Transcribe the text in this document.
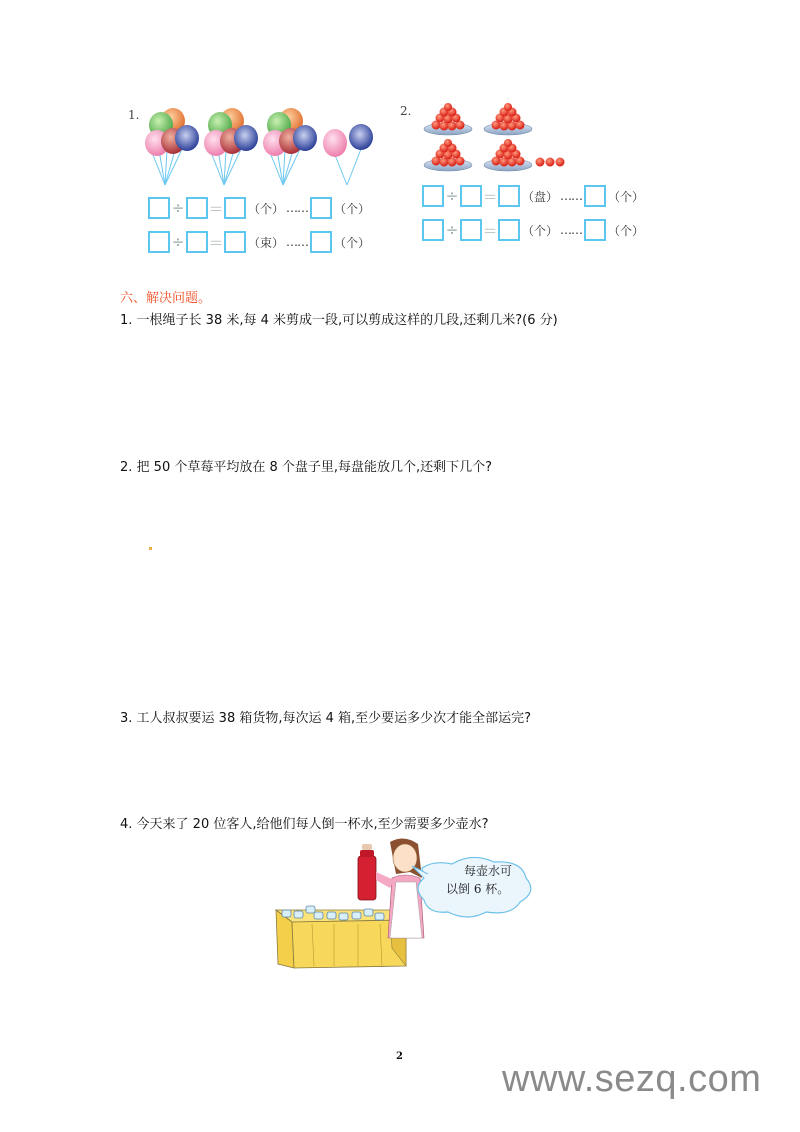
1.
÷ ＝ （个） …… （个）
÷ ＝ （束） …… （个）
2.
÷ ＝ （盘） …… （个）
÷ ＝ （个） …… （个）
六、解决问题。
1. 一根绳子长 38 米,每 4 米剪成一段,可以剪成这样的几段,还剩几米?(6 分)
2. 把 50 个草莓平均放在 8 个盘子里,每盘能放几个,还剩下几个?
3. 工人叔叔要运 38 箱货物,每次运 4 箱,至少要运多少次才能全部运完?
4. 今天来了 20 位客人,给他们每人倒一杯水,至少需要多少壶水?
每壶水可
以倒 6 杯。
2
www.sezq.com
